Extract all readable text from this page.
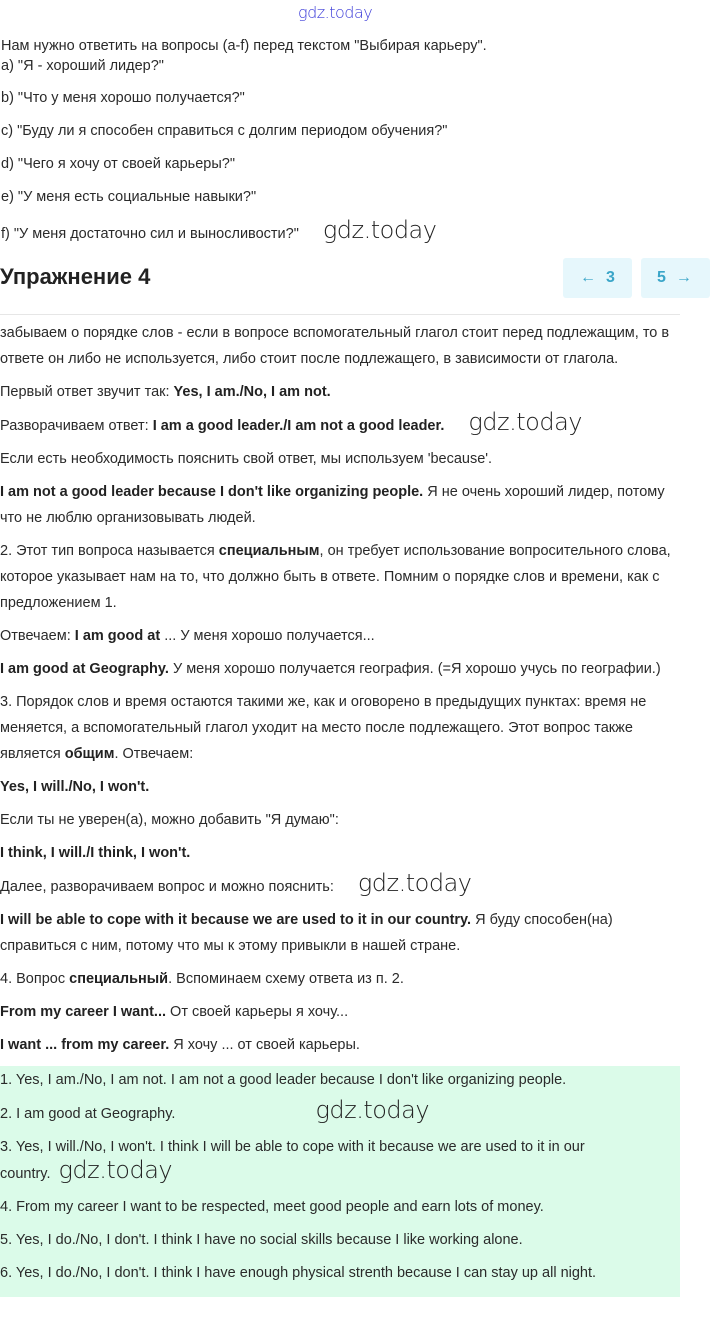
gdz.today

Нам нужно ответить на вопросы (a-f) перед текстом "Выбирая карьеру".

a) "Я - хороший лидер?"

b) "Что у меня хорошо получается?"

c) "Буду ли я способен справиться с долгим периодом обучения?"

d) "Чего я хочу от своей карьеры?"

e) "У меня есть социальные навыки?"

f) "У меня достаточно сил и выносливости?" gdz.today

Упражнение 4	← 3	5 →

забываем о порядке слов - если в вопросе вспомогательный глагол стоит перед подлежащим, то в ответе он либо не используется, либо стоит после подлежащего, в зависимости от глагола.

Первый ответ звучит так: Yes, I am./No, I am not.

Разворачиваем ответ: I am a good leader./I am not a good leader. gdz.today

Если есть необходимость пояснить свой ответ, мы используем 'because'.

I am not a good leader because I don't like organizing people. Я не очень хороший лидер, потому что не люблю организовывать людей.

2. Этот тип вопроса называется специальным, он требует использование вопросительного слова, которое указывает нам на то, что должно быть в ответе. Помним о порядке слов и времени, как с предложением 1.

Отвечаем: I am good at ... У меня хорошо получается...

I am good at Geography. У меня хорошо получается география. (=Я хорошо учусь по географии.)

3. Порядок слов и время остаются такими же, как и оговорено в предыдущих пунктах: время не меняется, а вспомогательный глагол уходит на место после подлежащего. Этот вопрос также является общим. Отвечаем:

Yes, I will./No, I won't.

Если ты не уверен(а), можно добавить "Я думаю":

I think, I will./I think, I won't.

Далее, разворачиваем вопрос и можно пояснить: gdz.today

I will be able to cope with it because we are used to it in our country. Я буду способен(на) справиться с ним, потому что мы к этому привыкли в нашей стране.

4. Вопрос специальный. Вспоминаем схему ответа из п. 2.

From my career I want... От своей карьеры я хочу...

I want ... from my career. Я хочу ... от своей карьеры.

1. Yes, I am./No, I am not. I am not a good leader because I don't like organizing people.

2. I am good at Geography.	gdz.today

3. Yes, I will./No, I won't. I think I will be able to cope with it because we are used to it in our country. gdz.today

4. From my career I want to be respected, meet good people and earn lots of money.

5. Yes, I do./No, I don't. I think I have no social skills because I like working alone.

6. Yes, I do./No, I don't. I think I have enough physical strenth because I can stay up all night.
